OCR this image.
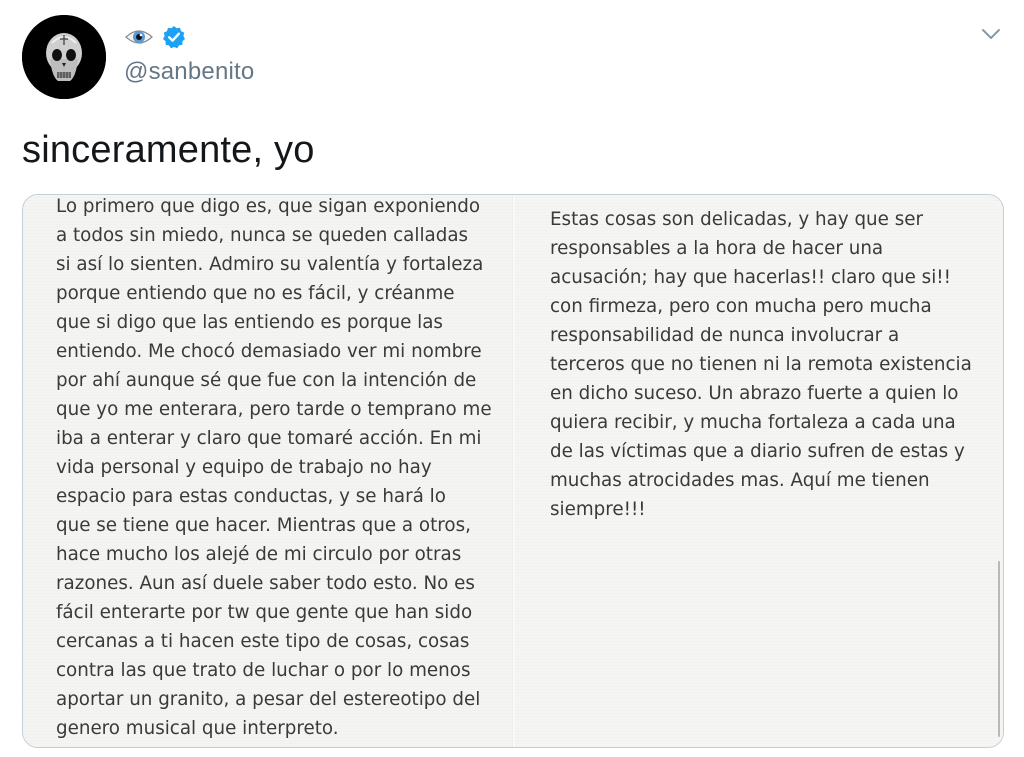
@sanbenito
sinceramente, yo

Lo primero que digo es, que sigan exponiendo
a todos sin miedo, nunca se queden calladas
si así lo sienten. Admiro su valentía y fortaleza
porque entiendo que no es fácil, y créanme
que si digo que las entiendo es porque las
entiendo. Me chocó demasiado ver mi nombre
por ahí aunque sé que fue con la intención de
que yo me enterara, pero tarde o temprano me
iba a enterar y claro que tomaré acción. En mi
vida personal y equipo de trabajo no hay
espacio para estas conductas, y se hará lo
que se tiene que hacer. Mientras que a otros,
hace mucho los alejé de mi circulo por otras
razones. Aun así duele saber todo esto. No es
fácil enterarte por tw que gente que han sido
cercanas a ti hacen este tipo de cosas, cosas
contra las que trato de luchar o por lo menos
aportar un granito, a pesar del estereotipo del
genero musical que interpreto.

Estas cosas son delicadas, y hay que ser
responsables a la hora de hacer una
acusación; hay que hacerlas!! claro que si!!
con firmeza, pero con mucha pero mucha
responsabilidad de nunca involucrar a
terceros que no tienen ni la remota existencia
en dicho suceso. Un abrazo fuerte a quien lo
quiera recibir, y mucha fortaleza a cada una
de las víctimas que a diario sufren de estas y
muchas atrocidades mas. Aquí me tienen
siempre!!!
